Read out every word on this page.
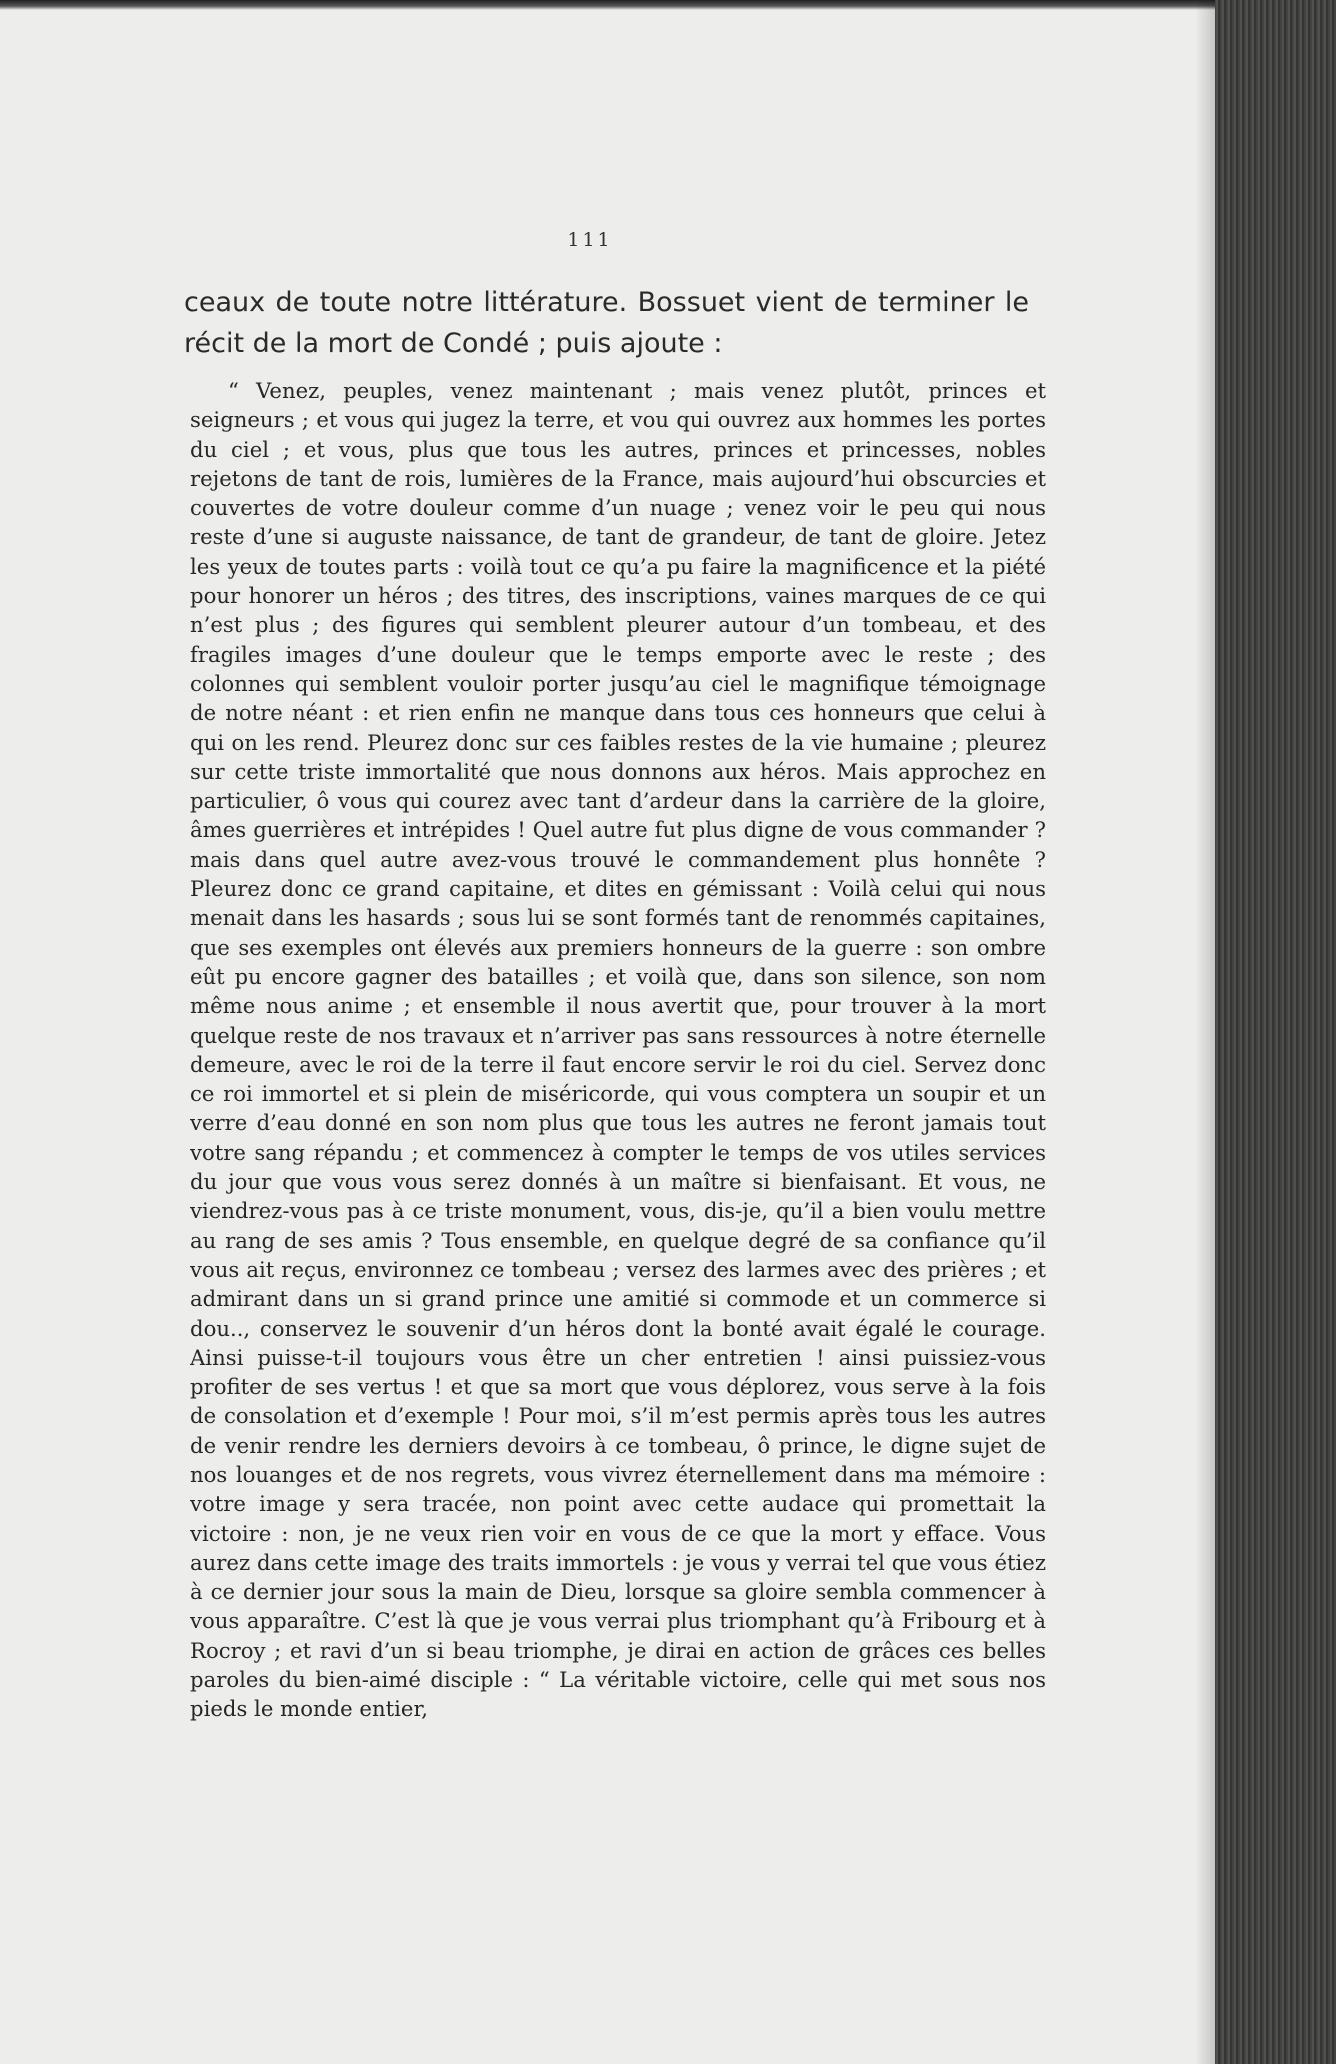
111
ceaux de toute notre littérature. Bossuet vient de terminer le récit de la mort de Condé ; puis ajoute :
“ Venez, peuples, venez maintenant ; mais venez plutôt, princes et seigneurs ; et vous qui jugez la terre, et vou qui ouvrez aux hommes les portes du ciel ; et vous, plus que tous les autres, princes et princesses, nobles rejetons de tant de rois, lumières de la France, mais aujourd’hui obscurcies et couvertes de votre douleur comme d’un nuage ; venez voir le peu qui nous reste d’une si auguste naissance, de tant de grandeur, de tant de gloire. Jetez les yeux de toutes parts : voilà tout ce qu’a pu faire la magnificence et la piété pour honorer un héros ; des titres, des inscriptions, vaines marques de ce qui n’est plus ; des figures qui semblent pleurer autour d’un tombeau, et des fragiles images d’une douleur que le temps emporte avec le reste ; des colonnes qui semblent vouloir porter jusqu’au ciel le magnifique témoignage de notre néant : et rien enfin ne manque dans tous ces honneurs que celui à qui on les rend. Pleurez donc sur ces faibles restes de la vie humaine ; pleurez sur cette triste immortalité que nous donnons aux héros. Mais approchez en particulier, ô vous qui courez avec tant d’ardeur dans la carrière de la gloire, âmes guerrières et intrépides ! Quel autre fut plus digne de vous commander ? mais dans quel autre avez-vous trouvé le commandement plus honnête ? Pleurez donc ce grand capitaine, et dites en gémissant : Voilà celui qui nous menait dans les hasards ; sous lui se sont formés tant de renommés capitaines, que ses exemples ont élevés aux premiers honneurs de la guerre : son ombre eût pu encore gagner des batailles ; et voilà que, dans son silence, son nom même nous anime ; et ensemble il nous avertit que, pour trouver à la mort quelque reste de nos travaux et n’arriver pas sans ressources à notre éternelle demeure, avec le roi de la terre il faut encore servir le roi du ciel. Servez donc ce roi immortel et si plein de miséricorde, qui vous comptera un soupir et un verre d’eau donné en son nom plus que tous les autres ne feront jamais tout votre sang répandu ; et commencez à compter le temps de vos utiles services du jour que vous vous serez donnés à un maître si bienfaisant. Et vous, ne viendrez-vous pas à ce triste monument, vous, dis-je, qu’il a bien voulu mettre au rang de ses amis ? Tous ensemble, en quelque degré de sa confiance qu’il vous ait reçus, environnez ce tombeau ; versez des larmes avec des prières ; et admirant dans un si grand prince une amitié si commode et un commerce si dou.., conservez le souvenir d’un héros dont la bonté avait égalé le courage. Ainsi puisse-t-il toujours vous être un cher entretien ! ainsi puissiez-vous profiter de ses vertus ! et que sa mort que vous déplorez, vous serve à la fois de consolation et d’exemple ! Pour moi, s’il m’est permis après tous les autres de venir rendre les derniers devoirs à ce tombeau, ô prince, le digne sujet de nos louanges et de nos regrets, vous vivrez éternellement dans ma mémoire : votre image y sera tracée, non point avec cette audace qui promettait la victoire : non, je ne veux rien voir en vous de ce que la mort y efface. Vous aurez dans cette image des traits immortels : je vous y verrai tel que vous étiez à ce dernier jour sous la main de Dieu, lorsque sa gloire sembla commencer à vous apparaître. C’est là que je vous verrai plus triomphant qu’à Fribourg et à Rocroy ; et ravi d’un si beau triomphe, je dirai en action de grâces ces belles paroles du bien-aimé disciple : “ La véritable victoire, celle qui met sous nos pieds le monde entier,
